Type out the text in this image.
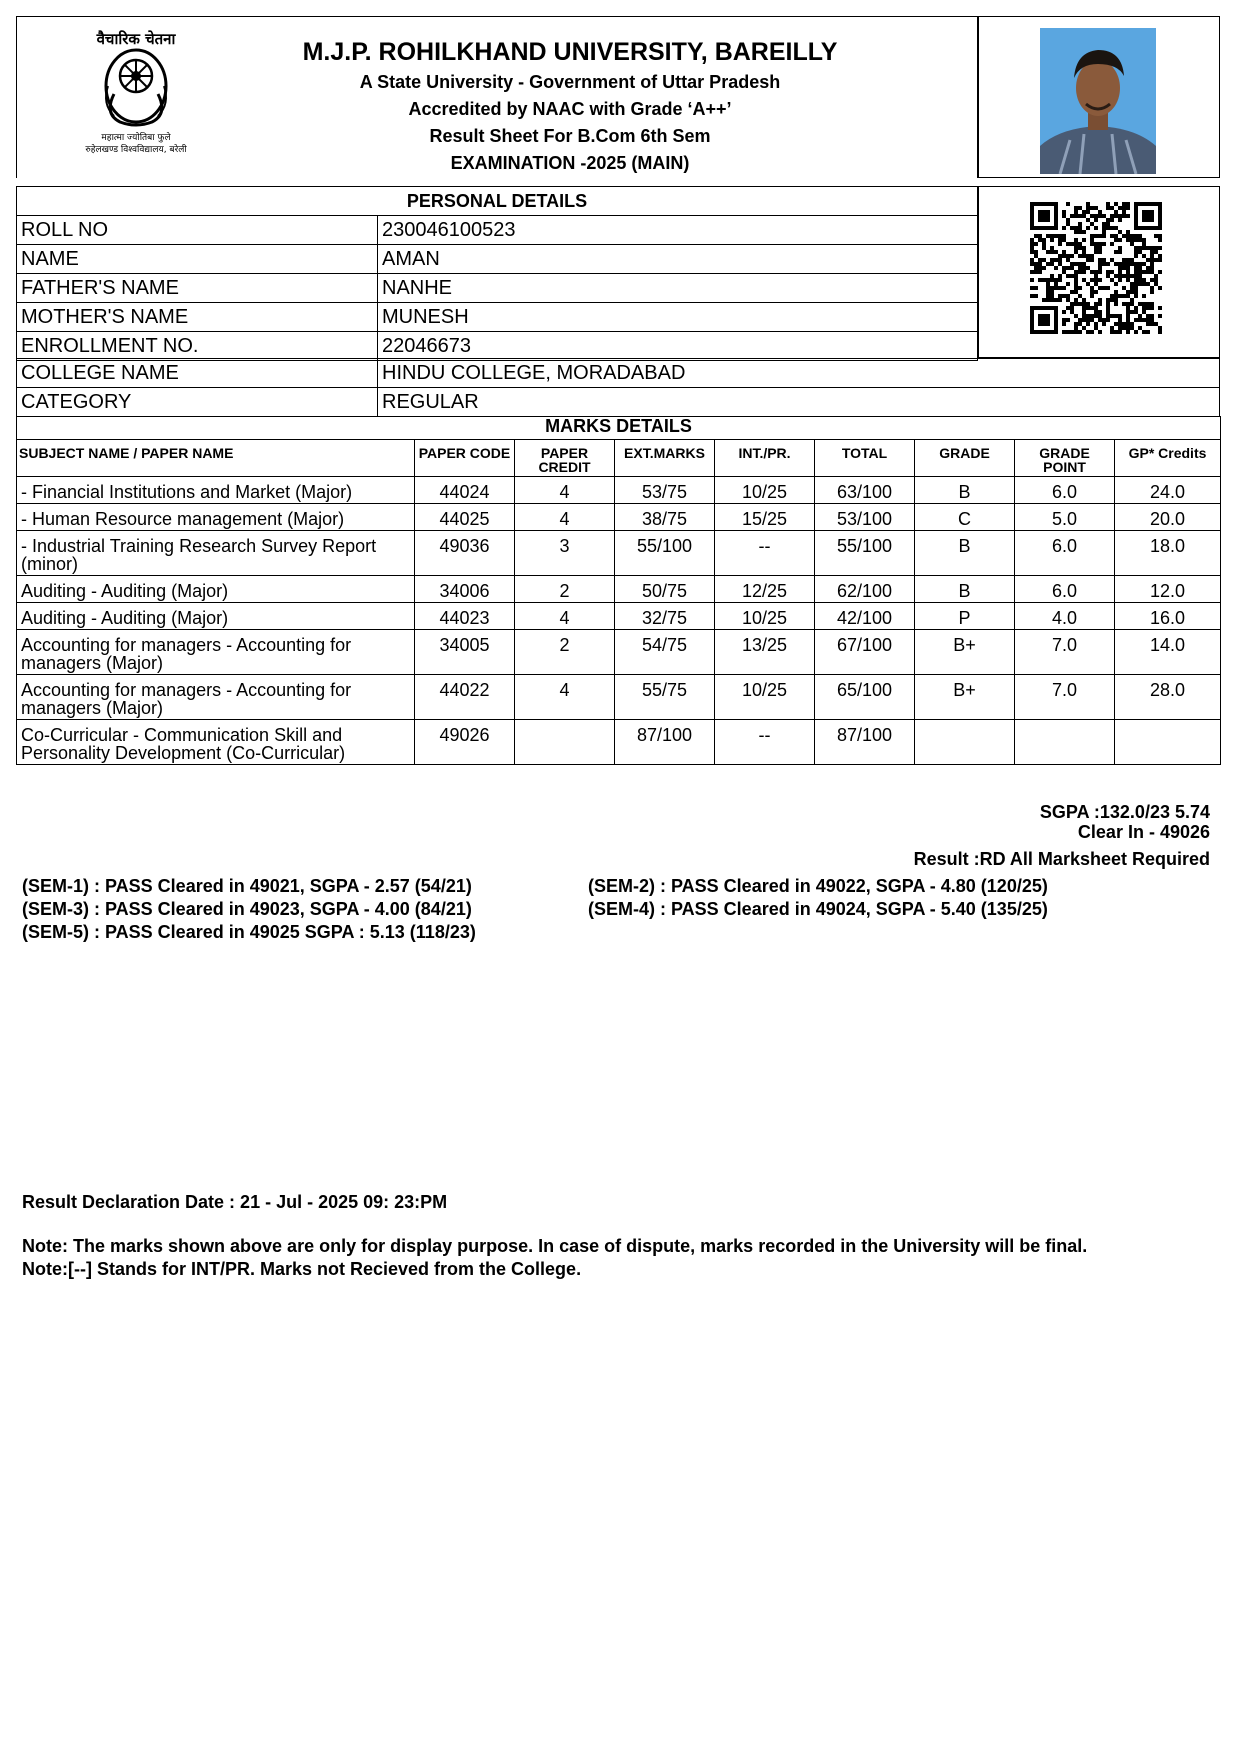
वैचारिक चेतना
महात्मा ज्योतिबा फुले
रुहेलखण्ड विश्वविद्यालय, बरेली
M.J.P. ROHILKHAND UNIVERSITY, BAREILLY
A State University - Government of Uttar Pradesh
Accredited by NAAC with Grade ‘A++’
Result Sheet For B.Com 6th Sem
EXAMINATION -2025 (MAIN)
PERSONAL DETAILS	
ROLL NO	230046100523
NAME	AMAN
FATHER'S NAME	NANHE
MOTHER'S NAME	MUNESH
ENROLLMENT NO.	22046673
COLLEGE NAME	HINDU COLLEGE, MORADABAD
CATEGORY	REGULAR
MARKS DETAILS								
SUBJECT NAME / PAPER NAME	PAPER CODE	PAPER CREDIT	EXT.MARKS	INT./PR.	TOTAL	GRADE	GRADE POINT	GP* Credits
- Financial Institutions and Market (Major)	44024	4	53/75	10/25	63/100	B	6.0	24.0
- Human Resource management (Major)	44025	4	38/75	15/25	53/100	C	5.0	20.0
- Industrial Training Research Survey Report (minor)	49036	3	55/100	--	55/100	B	6.0	18.0
Auditing - Auditing (Major)	34006	2	50/75	12/25	62/100	B	6.0	12.0
Auditing - Auditing (Major)	44023	4	32/75	10/25	42/100	P	4.0	16.0
Accounting for managers - Accounting for managers (Major)	34005	2	54/75	13/25	67/100	B+	7.0	14.0
Accounting for managers - Accounting for managers (Major)	44022	4	55/75	10/25	65/100	B+	7.0	28.0
Co-Curricular - Communication Skill and Personality Development (Co-Curricular)	49026		87/100	--	87/100			
SGPA :132.0/23 5.74
Clear In - 49026
Result :RD All Marksheet Required
(SEM-1) : PASS Cleared in 49021, SGPA - 2.57 (54/21)	(SEM-2) : PASS Cleared in 49022, SGPA - 4.80 (120/25)
(SEM-3) : PASS Cleared in 49023, SGPA - 4.00 (84/21)	(SEM-4) : PASS Cleared in 49024, SGPA - 5.40 (135/25)
(SEM-5) : PASS Cleared in 49025 SGPA : 5.13 (118/23)
Result Declaration Date : 21 - Jul - 2025 09: 23:PM
Note: The marks shown above are only for display purpose. In case of dispute, marks recorded in the University will be final.
Note:[--] Stands for INT/PR. Marks not Recieved from the College.
